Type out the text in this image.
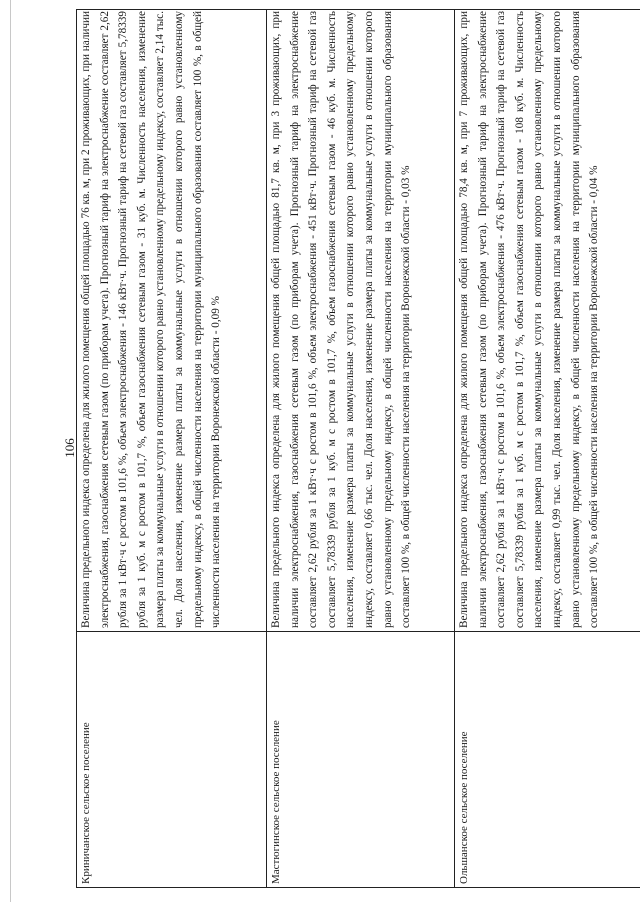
106
Криничанское сельское поселение	Величина предельного индекса определена для жилого помещения общей площадью 76 кв. м, при 2 проживающих, при наличии электроснабжения, газоснабжения сетевым газом (по приборам учета). Прогнозный тариф на электроснабжение составляет 2,62 рубля за 1 кВт·ч с ростом в 101,6 %, объем электроснабжения - 146 кВт·ч. Прогнозный тариф на сетевой газ составляет 5,78339 рубля за 1 куб. м с ростом в 101,7 %, объем газоснабжения сетевым газом - 31 куб. м. Численность населения, изменение размера платы за коммунальные услуги в отношении которого равно установленному предельному индексу, составляет 2,14 тыс. чел. Доля населения, изменение размера платы за коммунальные услуги в отношении которого равно установленному предельному индексу, в общей численности населения на территории муниципального образования составляет 100 %, в общей численности населения на территории Воронежской области - 0,09 %
Мастюгинское сельское поселение	Величина предельного индекса определена для жилого помещения общей площадью 81,7 кв. м, при 3 проживающих, при наличии электроснабжения, газоснабжения сетевым газом (по приборам учета). Прогнозный тариф на электроснабжение составляет 2,62 рубля за 1 кВт·ч с ростом в 101,6 %, объем электроснабжения - 451 кВт·ч. Прогнозный тариф на сетевой газ составляет 5,78339 рубля за 1 куб. м с ростом в 101,7 %, объем газоснабжения сетевым газом - 46 куб. м. Численность населения, изменение размера платы за коммунальные услуги в отношении которого равно установленному предельному индексу, составляет 0,66 тыс. чел. Доля населения, изменение размера платы за коммунальные услуги в отношении которого равно установленному предельному индексу, в общей численности населения на территории муниципального образования составляет 100 %, в общей численности населения на территории Воронежской области - 0,03 %
Ольшанское сельское поселение	Величина предельного индекса определена для жилого помещения общей площадью 78,4 кв. м, при 7 проживающих, при наличии электроснабжения, газоснабжения сетевым газом (по приборам учета). Прогнозный тариф на электроснабжение составляет 2,62 рубля за 1 кВт·ч с ростом в 101,6 %, объем электроснабжения - 476 кВт·ч. Прогнозный тариф на сетевой газ составляет 5,78339 рубля за 1 куб. м с ростом в 101,7 %, объем газоснабжения сетевым газом - 108 куб. м. Численность населения, изменение размера платы за коммунальные услуги в отношении которого равно установленному предельному индексу, составляет 0,99 тыс. чел. Доля населения, изменение размера платы за коммунальные услуги в отношении которого равно установленному предельному индексу, в общей численности населения на территории муниципального образования составляет 100 %, в общей численности населения на территории Воронежской области - 0,04 %
